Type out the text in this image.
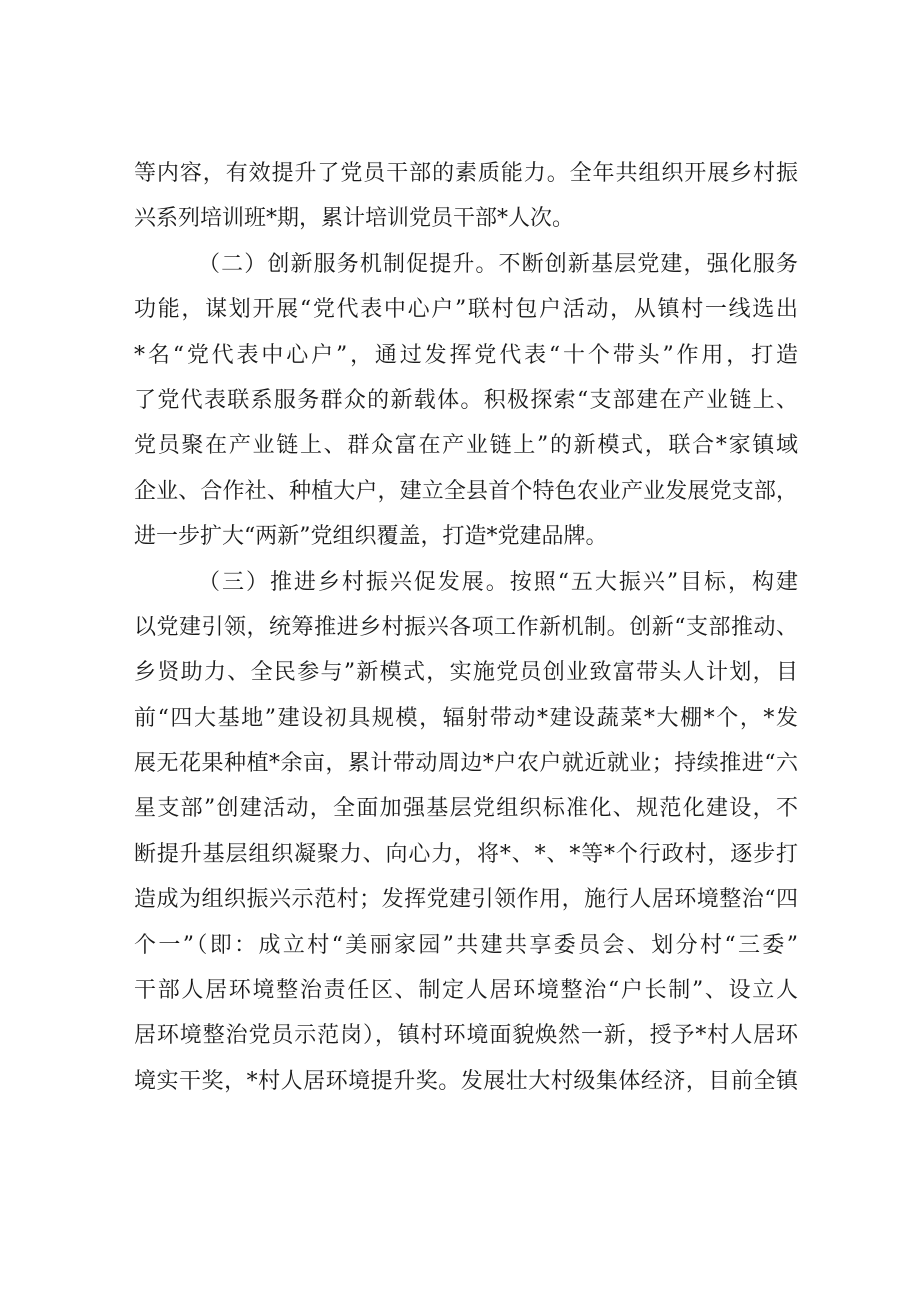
等内容，有效提升了党员干部的素质能力。全年共组织开展乡村振
兴系列培训班*期，累计培训党员干部*人次。
（二）创新服务机制促提升。不断创新基层党建，强化服务
功能，谋划开展“党代表中心户”联村包户活动，从镇村一线选出
*名“党代表中心户”，通过发挥党代表“十个带头”作用，打造
了党代表联系服务群众的新载体。积极探索“支部建在产业链上、
党员聚在产业链上、群众富在产业链上”的新模式，联合*家镇域
企业、合作社、种植大户，建立全县首个特色农业产业发展党支部，
进一步扩大“两新”党组织覆盖，打造*党建品牌。
（三）推进乡村振兴促发展。按照“五大振兴”目标，构建
以党建引领，统筹推进乡村振兴各项工作新机制。创新“支部推动、
乡贤助力、全民参与”新模式，实施党员创业致富带头人计划，目
前“四大基地”建设初具规模，辐射带动*建设蔬菜*大棚*个，*发
展无花果种植*余亩，累计带动周边*户农户就近就业；持续推进“六
星支部”创建活动，全面加强基层党组织标准化、规范化建设，不
断提升基层组织凝聚力、向心力，将*、*、*等*个行政村，逐步打
造成为组织振兴示范村；发挥党建引领作用，施行人居环境整治“四
个一”（即：成立村“美丽家园”共建共享委员会、划分村“三委”
干部人居环境整治责任区、制定人居环境整治“户长制”、设立人
居环境整治党员示范岗），镇村环境面貌焕然一新，授予*村人居环
境实干奖，*村人居环境提升奖。发展壮大村级集体经济，目前全镇
